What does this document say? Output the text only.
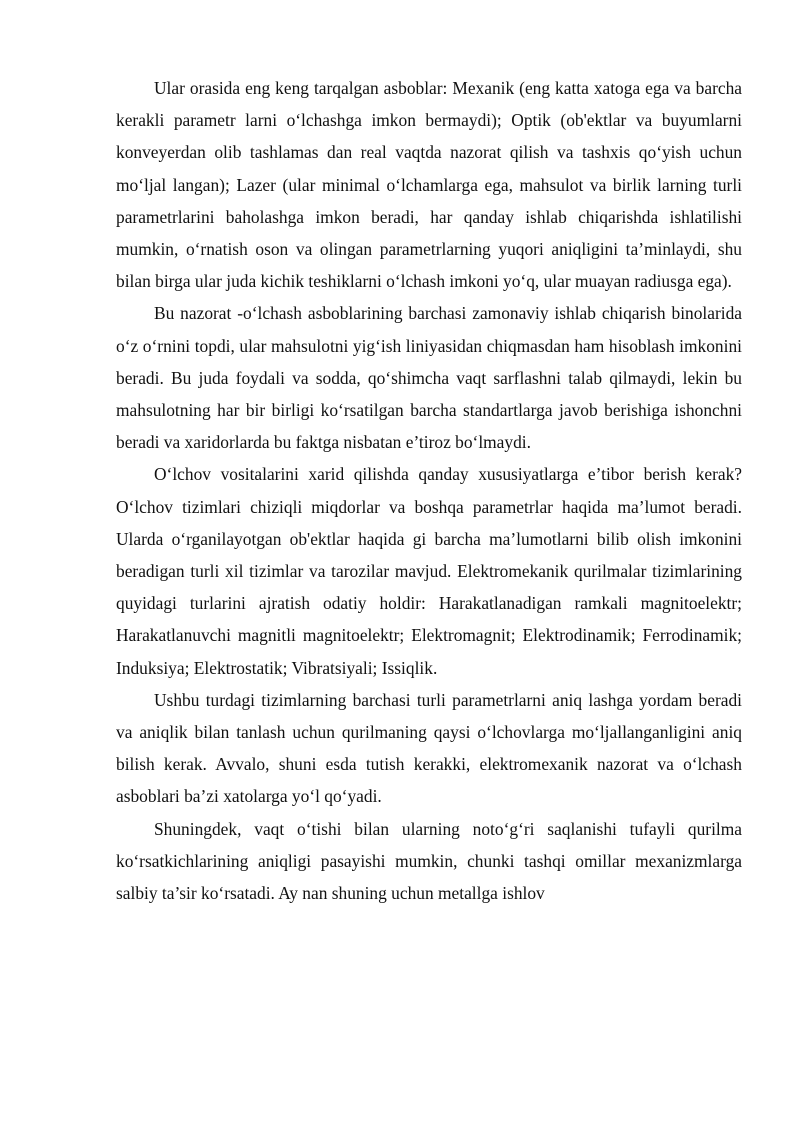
Ular orasida eng keng tarqalgan asboblar: Mexanik (eng katta xatoga ega va barcha kerakli parametr larni o‘lchashga imkon bermaydi); Optik (ob'ektlar va buyumlarni konveyerdan olib tashlamas dan real vaqtda nazorat qilish va tashxis qo‘yish uchun mo‘ljal langan); Lazer (ular minimal o‘lchamlarga ega, mahsulot va birlik larning turli parametrlarini baholashga imkon beradi, har qanday ishlab chiqarishda ishlatilishi mumkin, o‘rnatish oson va olingan parametrlarning yuqori aniqligini ta’minlaydi, shu bilan birga ular juda kichik teshiklarni o‘lchash imkoni yo‘q, ular muayan radiusga ega).

Bu nazorat -o‘lchash asboblarining barchasi zamonaviy ishlab chiqarish binolarida o‘z o‘rnini topdi, ular mahsulotni yig‘ish liniyasidan chiqmasdan ham hisoblash imkonini beradi. Bu juda foydali va sodda, qo‘shimcha vaqt sarflashni talab qilmaydi, lekin bu mahsulotning har bir birligi ko‘rsatilgan barcha standartlarga javob berishiga ishonchni beradi va xaridorlarda bu faktga nisbatan e’tiroz bo‘lmaydi.

O‘lchov vositalarini xarid qilishda qanday xususiyatlarga e’tibor berish kerak? O‘lchov tizimlari chiziqli miqdorlar va boshqa parametrlar haqida ma’lumot beradi. Ularda o‘rganilayotgan ob'ektlar haqida gi barcha ma’lumotlarni bilib olish imkonini beradigan turli xil tizimlar va tarozilar mavjud. Elektromekanik qurilmalar tizimlarining quyidagi turlarini ajratish odatiy holdir: Harakatlanadigan ramkali magnitoelektr; Harakatlanuvchi magnitli magnitoelektr; Elektromagnit; Elektrodinamik; Ferrodinamik; Induksiya; Elektrostatik; Vibratsiyali; Issiqlik.

Ushbu turdagi tizimlarning barchasi turli parametrlarni aniq lashga yordam beradi va aniqlik bilan tanlash uchun qurilmaning qaysi o‘lchovlarga mo‘ljallanganligini aniq bilish kerak. Avvalo, shuni esda tutish kerakki, elektromexanik nazorat va o‘lchash asboblari ba’zi xatolarga yo‘l qo‘yadi.

Shuningdek, vaqt o‘tishi bilan ularning noto‘g‘ri saqlanishi tufayli qurilma ko‘rsatkichlarining aniqligi pasayishi mumkin, chunki tashqi omillar mexanizmlarga salbiy ta’sir ko‘rsatadi. Ay nan shuning uchun metallga ishlov
